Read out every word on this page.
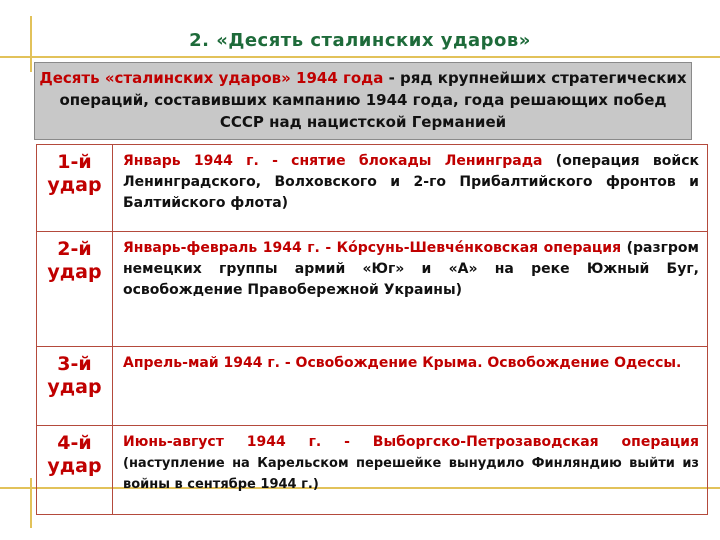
2. «Десять сталинских ударов»
Десять «сталинских ударов» 1944 года - ряд крупнейших стратегических операций, составивших кампанию 1944 года, года решающих побед СССР над нацистской Германией
1-й
удар	Январь 1944 г. - снятие блокады Ленинграда (операция войск Ленинградского, Волховского и 2-го Прибалтийского фронтов и Балтийского флота)

2-й
удар	Январь-февраль 1944 г. - Ко́рсунь-Шевче́нковская операция (разгром немецких группы армий «Юг» и «А» на реке Южный Буг, освобождение Правобережной Украины)

3-й
удар	Апрель-май 1944 г. - Освобождение Крыма. Освобождение Одессы.

4-й
удар	Июнь-август 1944 г. - Выборгско-Петрозаводская операция (наступление на Карельском перешейке вынудило Финляндию выйти из войны в сентябре 1944 г.)
